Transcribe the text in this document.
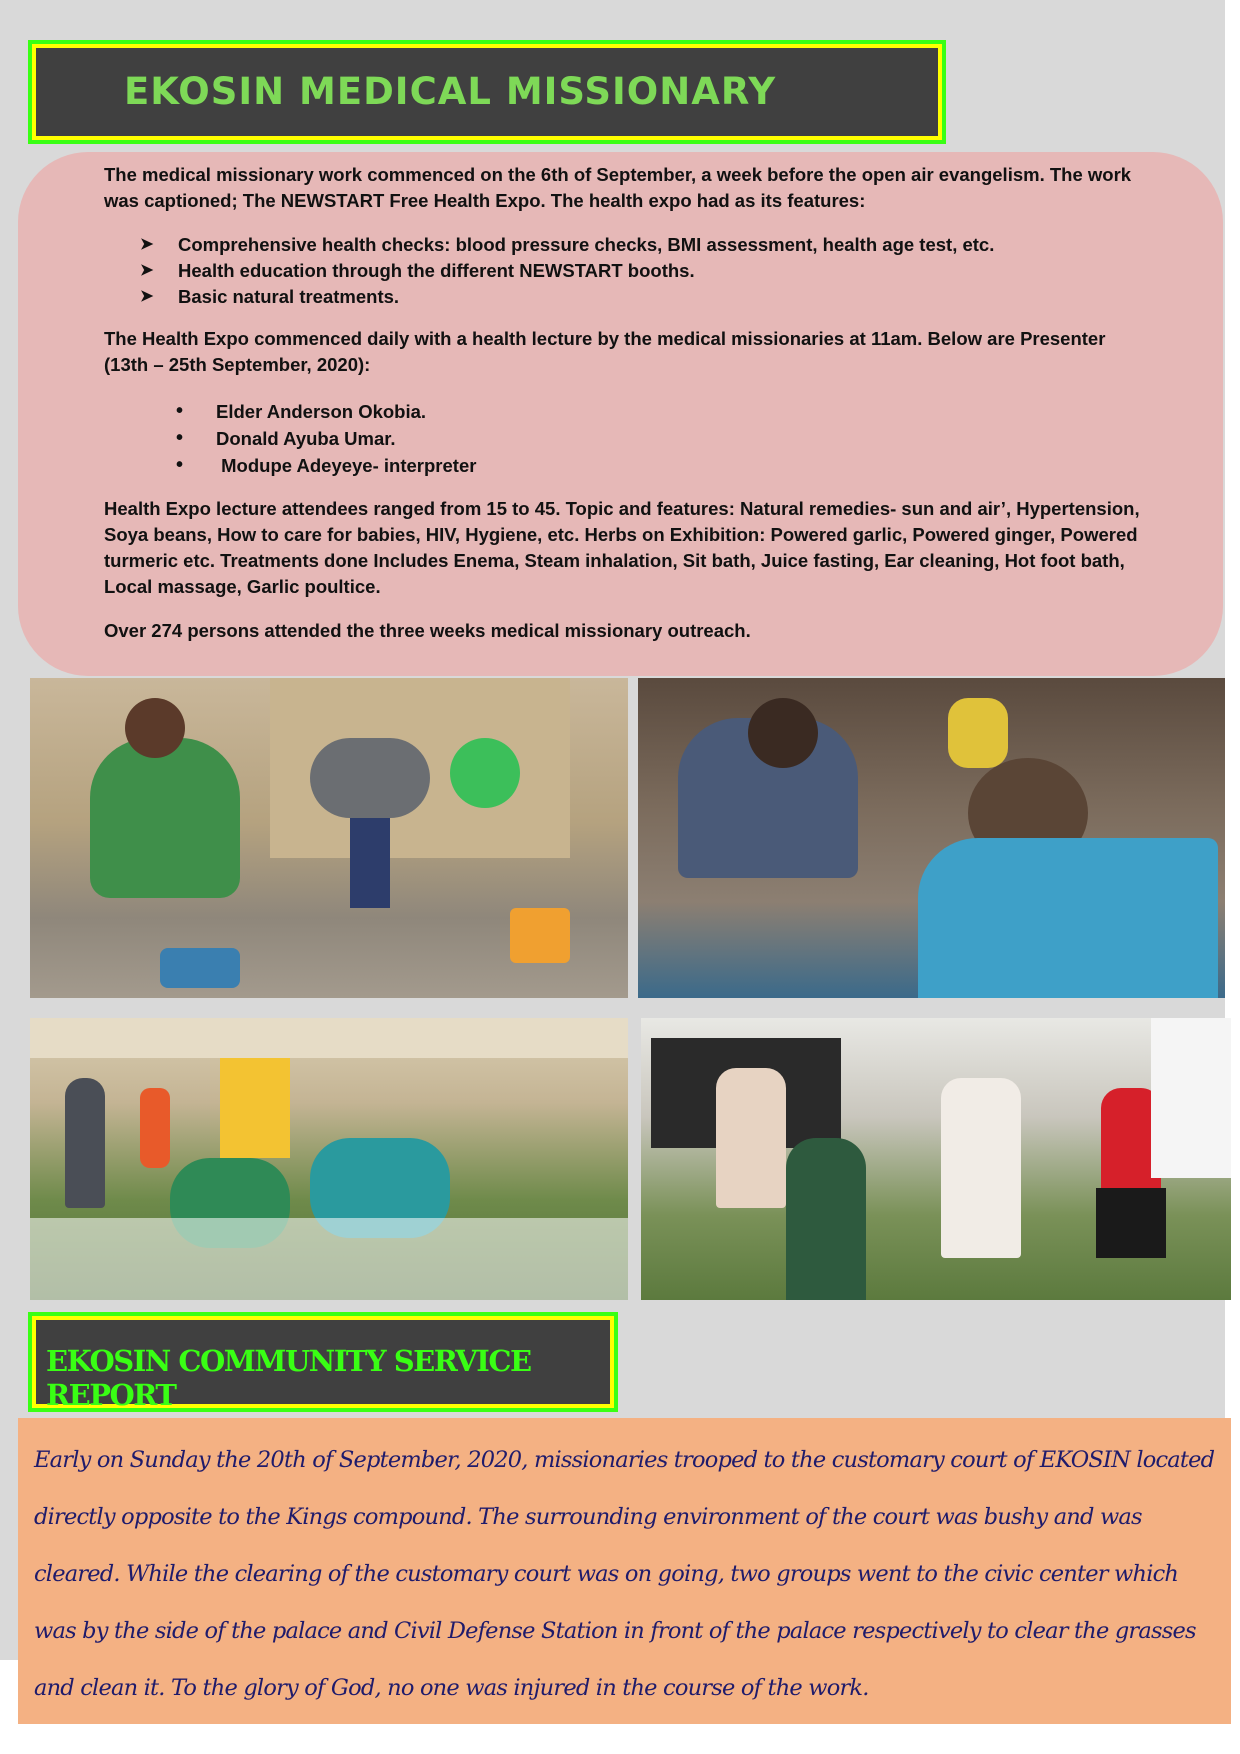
EKOSIN MEDICAL MISSIONARY

The medical missionary work commenced on the 6th of September, a week before the open air evangelism. The work was captioned; The NEWSTART Free Health Expo. The health expo had as its features:

➤	Comprehensive health checks: blood pressure checks, BMI assessment, health age test, etc.
➤	Health education through the different NEWSTART booths.
➤	Basic natural treatments.

The Health Expo commenced daily with a health lecture by the medical missionaries at 11am. Below are Presenter (13th – 25th September, 2020):

•	Elder Anderson Okobia.
•	Donald Ayuba Umar.
•	Modupe Adeyeye- interpreter

Health Expo lecture attendees ranged from 15 to 45. Topic and features: Natural remedies- sun and air’, Hypertension, Soya beans, How to care for babies, HIV, Hygiene, etc. Herbs on Exhibition: Powered garlic, Powered ginger, Powered turmeric etc. Treatments done Includes Enema, Steam inhalation, Sit bath, Juice fasting, Ear cleaning, Hot foot bath, Local massage, Garlic poultice.

Over 274 persons attended the three weeks medical missionary outreach.

EKOSIN COMMUNITY SERVICE REPORT

Early on Sunday the 20th of September, 2020, missionaries trooped to the customary court of EKOSIN located directly opposite to the Kings compound. The surrounding environment of the court was bushy and was cleared. While the clearing of the customary court was on going, two groups went to the civic center which was by the side of the palace and Civil Defense Station in front of the palace respectively to clear the grasses and clean it. To the glory of God, no one was injured in the course of the work.
